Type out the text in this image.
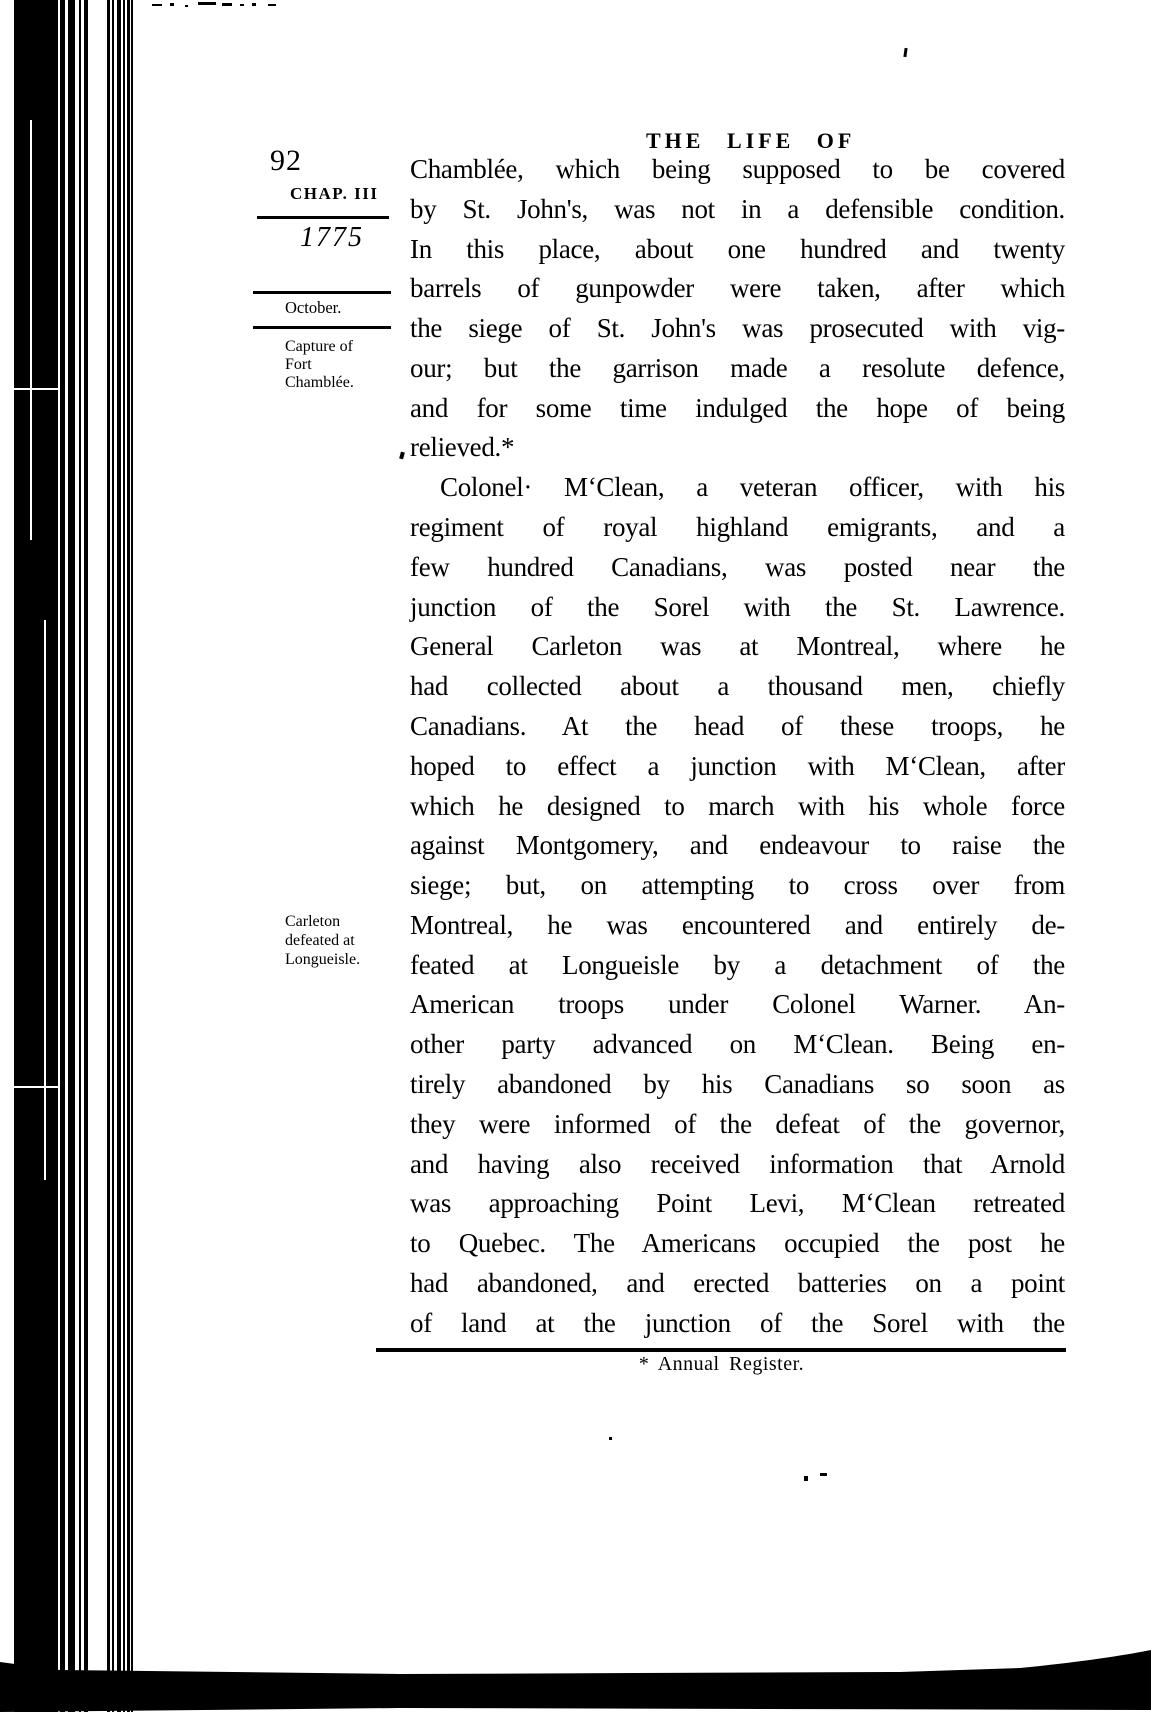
92
THE LIFE OF
CHAP. III
1775
October.
Capture of
Fort
Chamblée.
Carleton
defeated at
Longueisle.
Chamblée, which being supposed to be covered
by St. John's, was not in a defensible condition.
In this place, about one hundred and twenty
barrels of gunpowder were taken, after which
the siege of St. John's was prosecuted with vig-
our; but the garrison made a resolute defence,
and for some time indulged the hope of being
relieved.*
Colonel· M‘Clean, a veteran officer, with his
regiment of royal highland emigrants, and a
few hundred Canadians, was posted near the
junction of the Sorel with the St. Lawrence.
General Carleton was at Montreal, where he
had collected about a thousand men, chiefly
Canadians. At the head of these troops, he
hoped to effect a junction with M‘Clean, after
which he designed to march with his whole force
against Montgomery, and endeavour to raise the
siege; but, on attempting to cross over from
Montreal, he was encountered and entirely de-
feated at Longueisle by a detachment of the
American troops under Colonel Warner. An-
other party advanced on M‘Clean. Being en-
tirely abandoned by his Canadians so soon as
they were informed of the defeat of the governor,
and having also received information that Arnold
was approaching Point Levi, M‘Clean retreated
to Quebec. The Americans occupied the post he
had abandoned, and erected batteries on a point
of land at the junction of the Sorel with the
* Annual Register.
